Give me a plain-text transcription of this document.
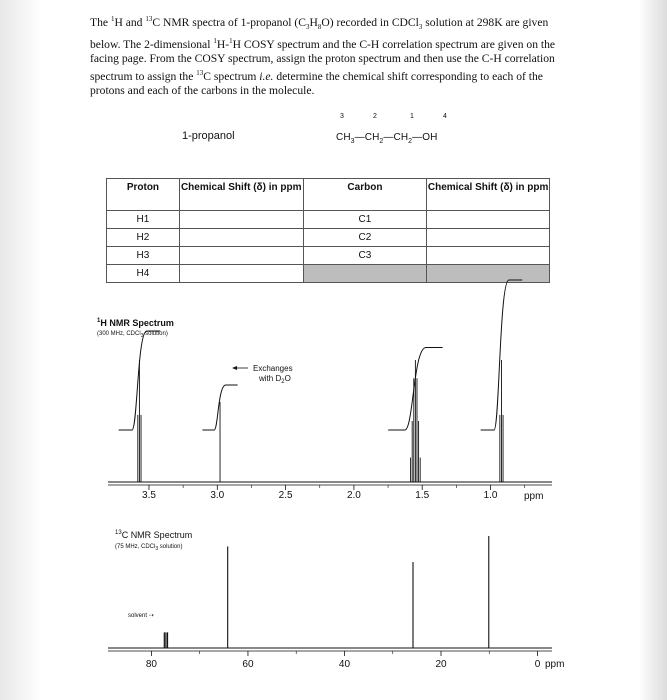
The $^1$H and $^{13}$C NMR spectra of 1-propanol $(C_3H_8O)$ recorded in CDCl$_3$ solution at 298K are given below. The 2-dimensional $^1$H-$^1$H COSY spectrum and the C-H correlation spectrum are given on the facing page. From the COSY spectrum, assign the proton spectrum and then use the C-H correlation spectrum to assign the $^{13}$C spectrum i.e. determine the chemical shift corresponding to each of the protons and each of the carbons in the molecule.
1-propanol
3	2	1	4
$CH_3—CH_2—CH_2—OH$
Proton	Chemical Shift (δ) in ppm	Carbon	Chemical Shift (δ) in ppm
H1		C1	
H2		C2	
H3		C3	
H4			
$^1$H NMR Spectrum
(300 MHz, CDCl$_3$ solution)
$^{13}$C NMR Spectrum
(75 MHz, CDCl$_3$ solution)
solvent ⇢
3.5	3.0	2.5	2.0	1.5	1.0	ppm
80	60	40	20	0 ppm
Exchanges
with $D_2O$
